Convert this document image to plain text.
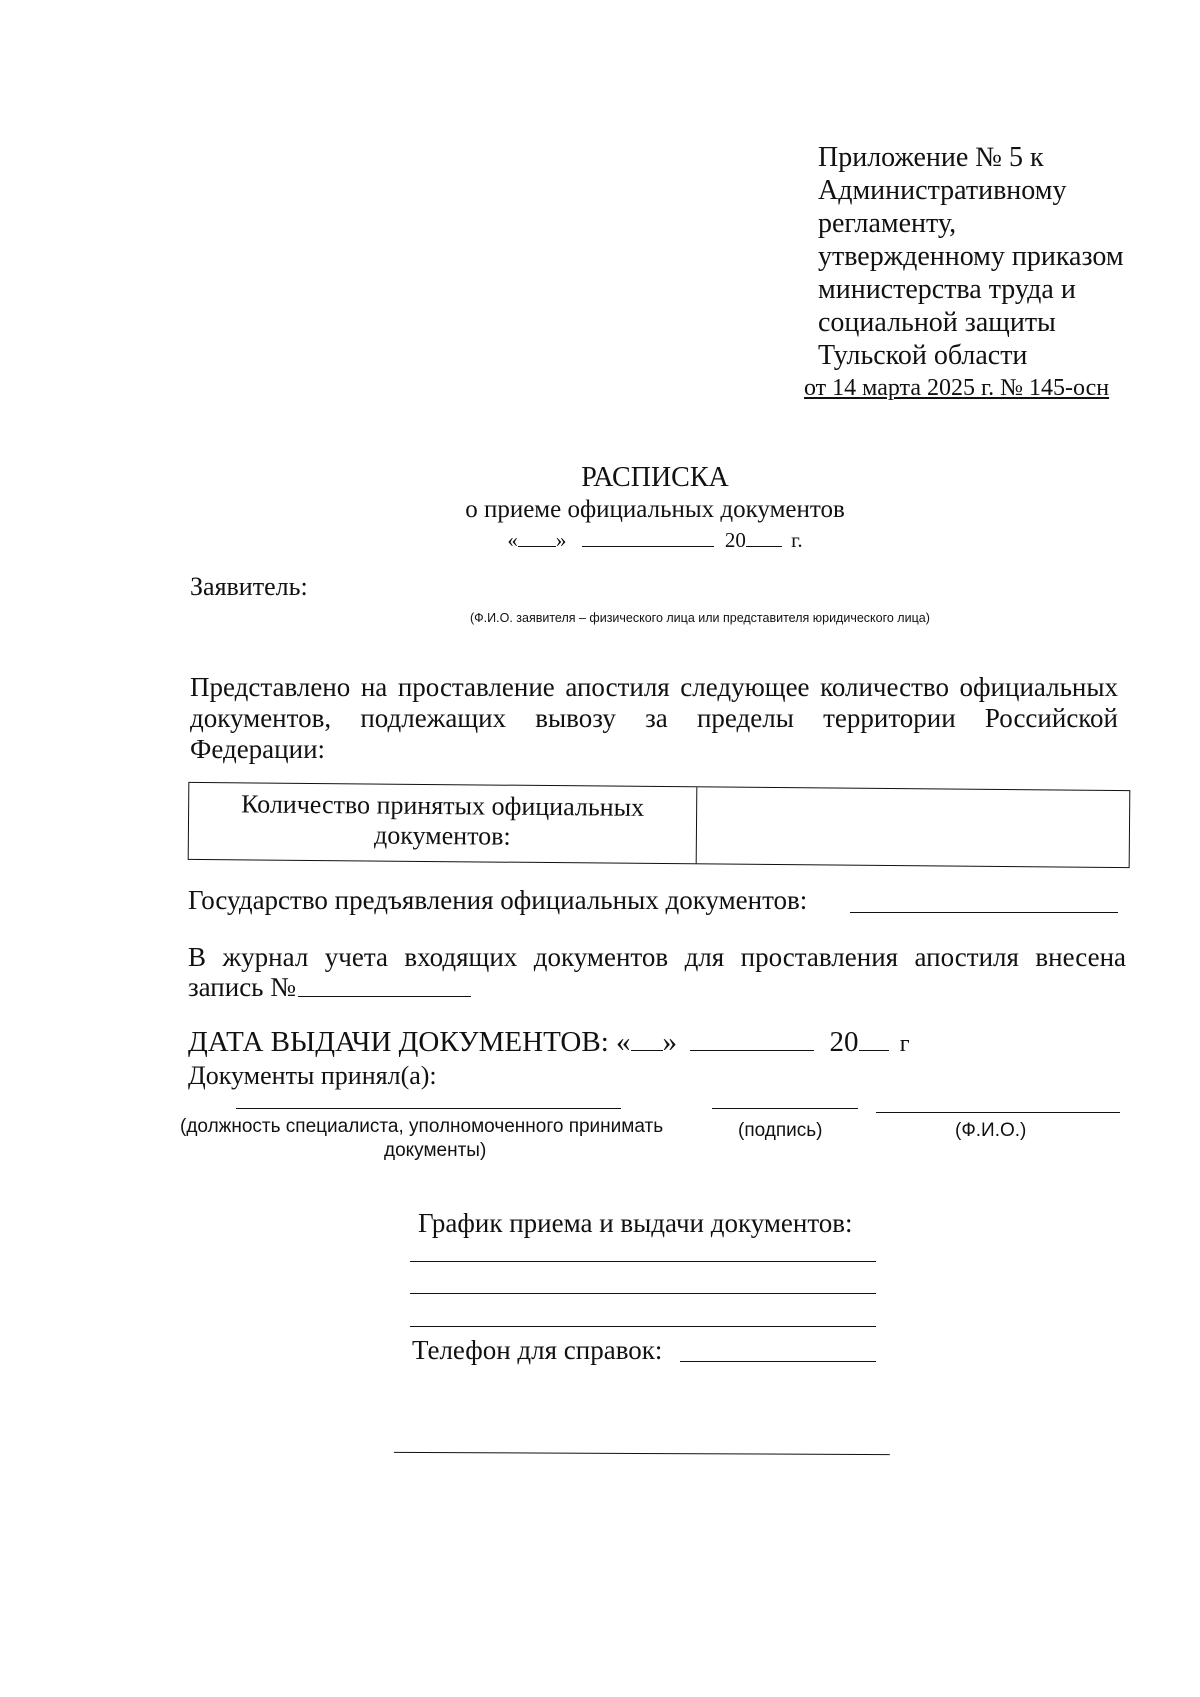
Приложение № 5 к
Административному
регламенту,
утвержденному приказом
министерства труда и
социальной защиты
Тульской области
от 14 марта 2025 г. № 145-осн
РАСПИСКА
о приеме официальных документов
« »	20 г.
Заявитель:
(Ф.И.О. заявителя – физического лица или представителя юридического лица)
Представлено на проставление апостиля следующее количество официальных документов, подлежащих вывозу за пределы территории Российской Федерации:
Количество принятых официальных
документов:
Государство предъявления официальных документов:
В журнал учета входящих документов для проставления апостиля внесена
запись №
ДАТА ВЫДАЧИ ДОКУМЕНТОВ: « »	20 г
Документы принял(а):
(должность специалиста, уполномоченного принимать
документы)
(подпись)	(Ф.И.О.)
График приема и выдачи документов:
Телефон для справок:
